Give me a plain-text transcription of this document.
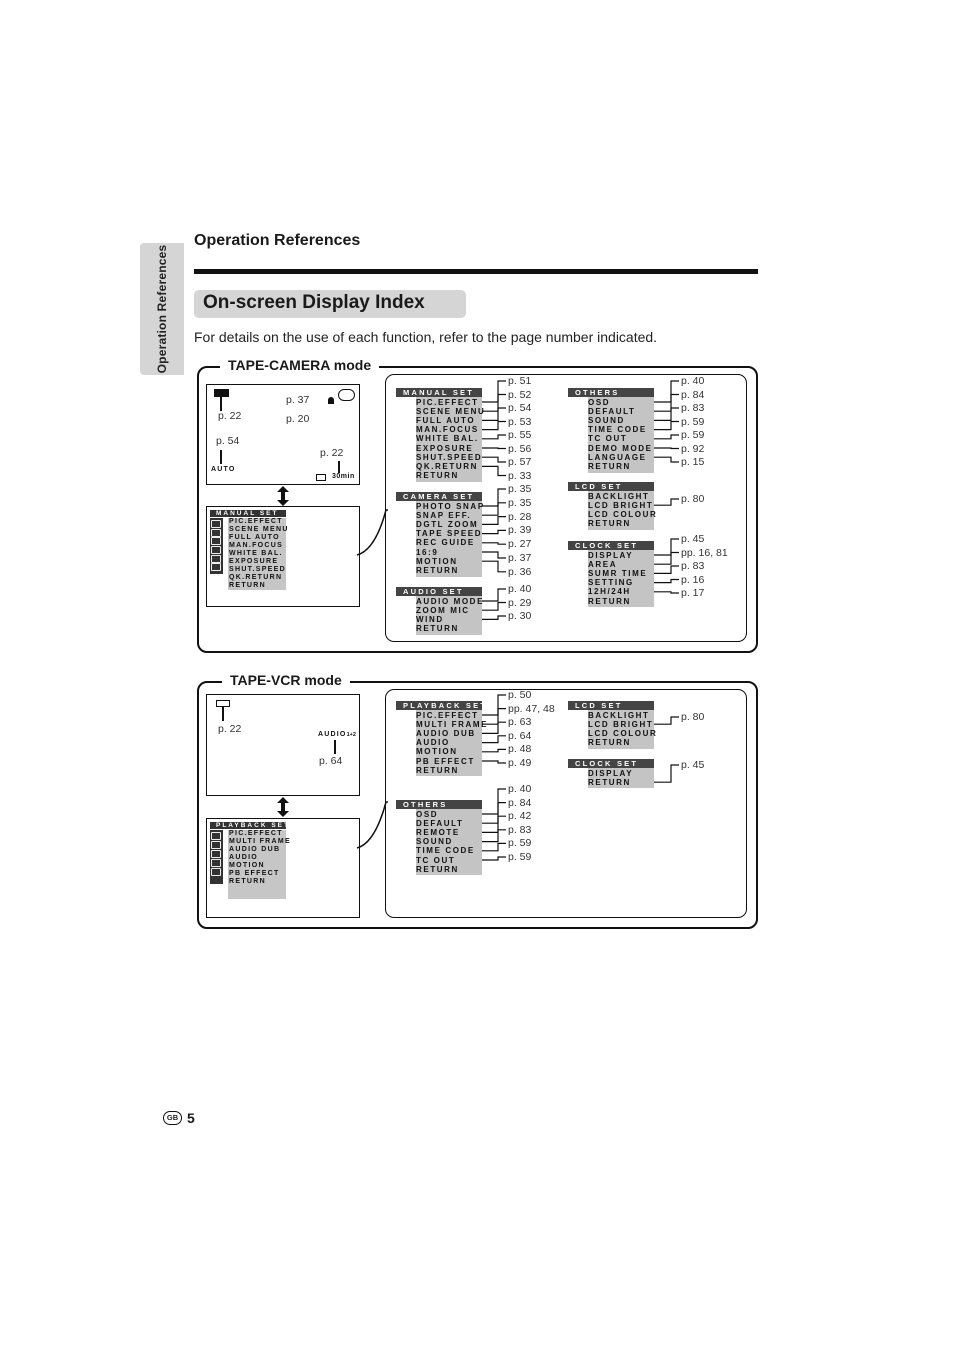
Operation References
Operation References
On-screen Display Index
For details on the use of each function, refer to the page number indicated.
TAPE-CAMERA mode
p. 22
p. 37
p. 20
p. 54
AUTO
p. 22
30min
MANUAL SET
PIC.EFFECT
SCENE MENU
FULL AUTO
MAN.FOCUS
WHITE BAL.
EXPOSURE
SHUT.SPEED
QK.RETURN
RETURN
TAPE-VCR mode
p. 22	AUDIO1+2
p. 64
PLAYBACK SET
PIC.EFFECT
MULTI FRAME
AUDIO DUB
AUDIO
MOTION
PB EFFECT
RETURN
MANUAL SET
PIC.EFFECT
SCENE MENU
FULL AUTO
MAN.FOCUS
WHITE BAL.
EXPOSURE
SHUT.SPEED
QK.RETURN
RETURN
p. 51
p. 52
p. 54
p. 53
p. 55
p. 56
p. 57
p. 33
CAMERA SET
PHOTO SNAP
SNAP EFF.
DGTL ZOOM
TAPE SPEED
REC GUIDE
16:9
MOTION
RETURN
p. 35
p. 35
p. 28
p. 39
p. 27
p. 37
p. 36
AUDIO SET
AUDIO MODE
ZOOM MIC
WIND
RETURN
p. 40
p. 29
p. 30
OTHERS
OSD
DEFAULT
SOUND
TIME CODE
TC OUT
DEMO MODE
LANGUAGE
RETURN
p. 40
p. 84
p. 83
p. 59
p. 59
p. 92
p. 15
LCD SET
BACKLIGHT
LCD BRIGHT
LCD COLOUR
RETURN
p. 80
CLOCK SET
DISPLAY
AREA
SUMR TIME
SETTING
12H/24H
RETURN
p. 45
pp. 16, 81
p. 83
p. 16
p. 17
PLAYBACK SET
PIC.EFFECT
MULTI FRAME
AUDIO DUB
AUDIO
MOTION
PB EFFECT
RETURN
p. 50
pp. 47, 48
p. 63
p. 64
p. 48
p. 49
OTHERS
OSD
DEFAULT
REMOTE
SOUND
TIME CODE
TC OUT
RETURN
p. 40
p. 84
p. 42
p. 83
p. 59
p. 59
LCD SET
BACKLIGHT
LCD BRIGHT
LCD COLOUR
RETURN
p. 80
CLOCK SET
DISPLAY
RETURN
p. 45
GB 5
